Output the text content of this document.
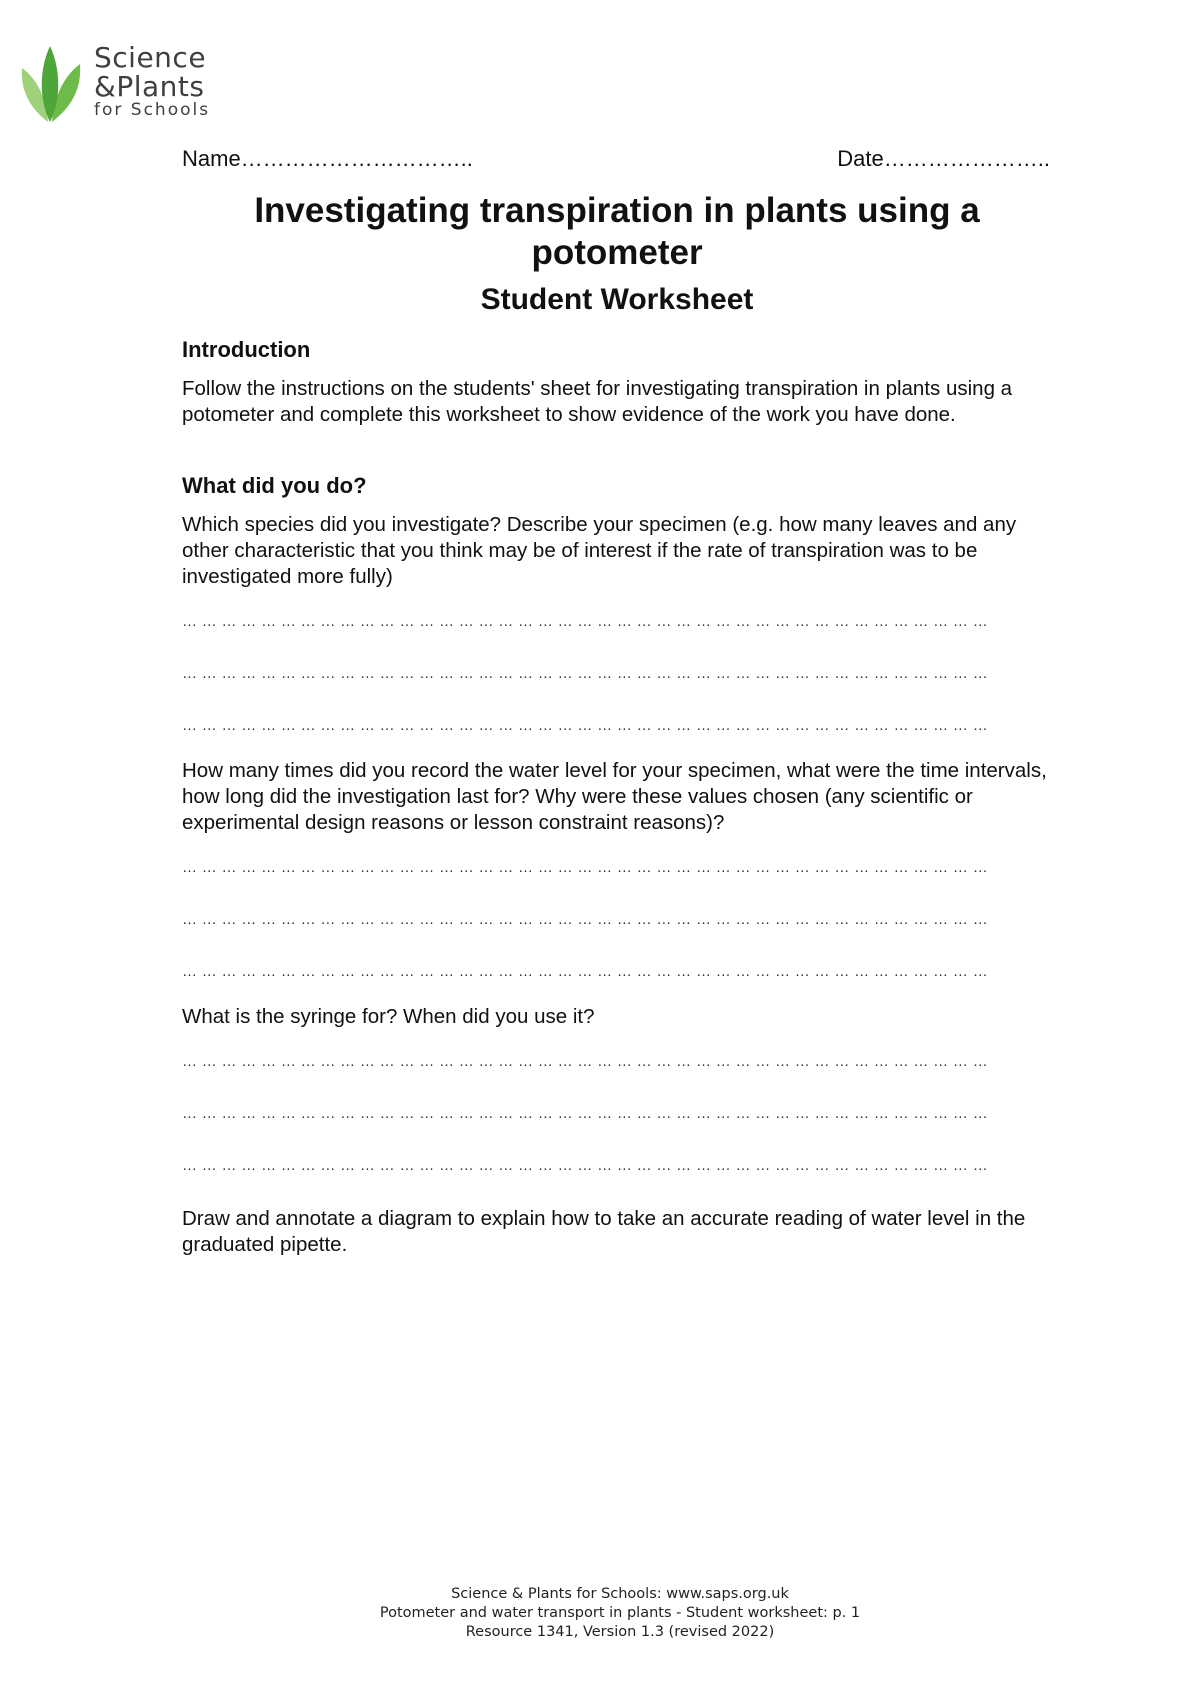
Science
&Plants
for Schools
Name…………………………..	Date…………………..
Investigating transpiration in plants using a potometer
Student Worksheet
Introduction

Follow the instructions on the students' sheet for investigating transpiration in plants using a potometer and complete this worksheet to show evidence of the work you have done.

What did you do?

Which species did you investigate? Describe your specimen (e.g. how many leaves and any other characteristic that you think may be of interest if the rate of transpiration was to be investigated more fully)

… … … … … … … … … … … … … … … … … … … … … … … … … … … … … … … … … … … … … … … … …
… … … … … … … … … … … … … … … … … … … … … … … … … … … … … … … … … … … … … … … … …
… … … … … … … … … … … … … … … … … … … … … … … … … … … … … … … … … … … … … … … … …

How many times did you record the water level for your specimen, what were the time intervals, how long did the investigation last for? Why were these values chosen (any scientific or experimental design reasons or lesson constraint reasons)?

… … … … … … … … … … … … … … … … … … … … … … … … … … … … … … … … … … … … … … … … …
… … … … … … … … … … … … … … … … … … … … … … … … … … … … … … … … … … … … … … … … …
… … … … … … … … … … … … … … … … … … … … … … … … … … … … … … … … … … … … … … … … …

What is the syringe for? When did you use it?

… … … … … … … … … … … … … … … … … … … … … … … … … … … … … … … … … … … … … … … … …
… … … … … … … … … … … … … … … … … … … … … … … … … … … … … … … … … … … … … … … … …
… … … … … … … … … … … … … … … … … … … … … … … … … … … … … … … … … … … … … … … … …

Draw and annotate a diagram to explain how to take an accurate reading of water level in the graduated pipette.

Science & Plants for Schools: www.saps.org.uk
Potometer and water transport in plants - Student worksheet: p. 1
Resource 1341, Version 1.3 (revised 2022)
